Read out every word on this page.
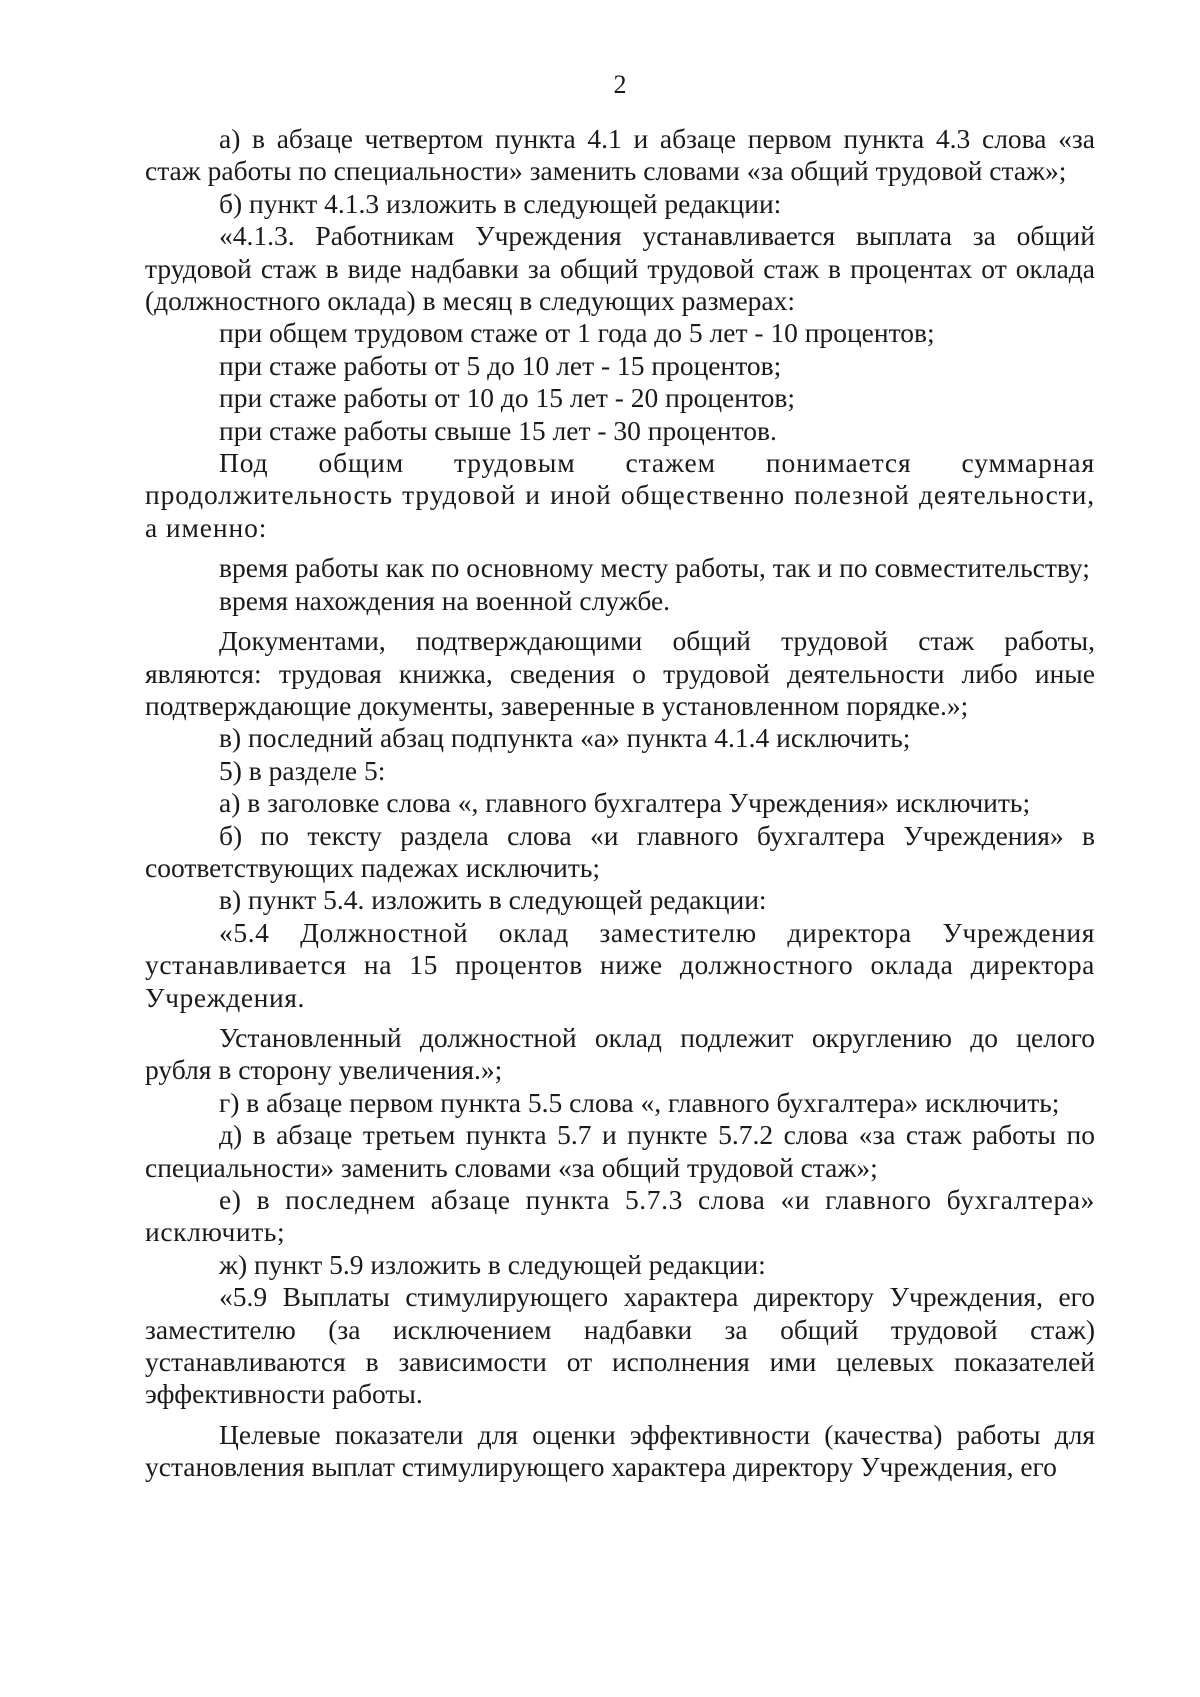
2

а) в абзаце четвертом пункта 4.1 и абзаце первом пункта 4.3 слова «за стаж работы по специальности» заменить словами «за общий трудовой стаж»;

б) пункт 4.1.3 изложить в следующей редакции:

«4.1.3. Работникам Учреждения устанавливается выплата за общий трудовой стаж в виде надбавки за общий трудовой стаж в процентах от оклада (должностного оклада) в месяц в следующих размерах:

при общем трудовом стаже от 1 года до 5 лет - 10 процентов;

при стаже работы от 5 до 10 лет - 15 процентов;

при стаже работы от 10 до 15 лет - 20 процентов;

при стаже работы свыше 15 лет - 30 процентов.

Под общим трудовым стажем понимается суммарная продолжительность трудовой и иной общественно полезной деятельности, а именно:

время работы как по основному месту работы, так и по совместительству;

время нахождения на военной службе.

Документами, подтверждающими общий трудовой стаж работы, являются: трудовая книжка, сведения о трудовой деятельности либо иные подтверждающие документы, заверенные в установленном порядке.»;

в) последний абзац подпункта «а» пункта 4.1.4 исключить;

5) в разделе 5:

а) в заголовке слова «, главного бухгалтера Учреждения» исключить;

б) по тексту раздела слова «и главного бухгалтера Учреждения» в соответствующих падежах исключить;

в) пункт 5.4. изложить в следующей редакции:

«5.4 Должностной оклад заместителю директора Учреждения устанавливается на 15 процентов ниже должностного оклада директора Учреждения.

Установленный должностной оклад подлежит округлению до целого рубля в сторону увеличения.»;

г) в абзаце первом пункта 5.5 слова «, главного бухгалтера» исключить;

д) в абзаце третьем пункта 5.7 и пункте 5.7.2 слова «за стаж работы по специальности» заменить словами «за общий трудовой стаж»;

е) в последнем абзаце пункта 5.7.3 слова «и главного бухгалтера» исключить;

ж) пункт 5.9 изложить в следующей редакции:

«5.9 Выплаты стимулирующего характера директору Учреждения, его заместителю (за исключением надбавки за общий трудовой стаж) устанавливаются в зависимости от исполнения ими целевых показателей эффективности работы.

Целевые показатели для оценки эффективности (качества) работы для установления выплат стимулирующего характера директору Учреждения, его
